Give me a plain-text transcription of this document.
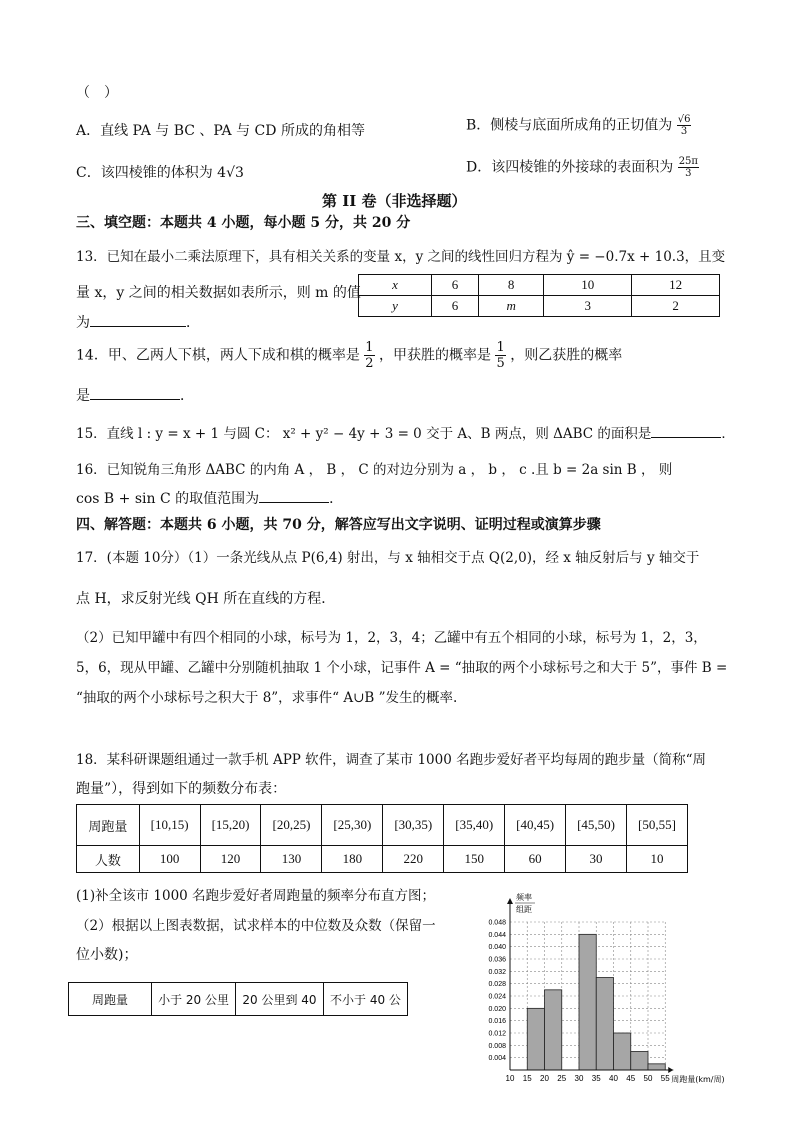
（　）
A．直线 PA 与 BC 、PA 与 CD 所成的角相等	B．侧棱与底面所成角的正切值为 $\frac{√6}{3}$
C．该四棱锥的体积为 4√3	D．该四棱锥的外接球的表面积为 $\frac{25\pi}{3}$
第 II 卷（非选择题）
三、填空题：本题共 4 小题，每小题 5 分，共 20 分
13．已知在最小二乘法原理下，具有相关关系的变量 x，y 之间的线性回归方程为 ŷ = −0.7x + 10.3，且变
量 x，y 之间的相关数据如表所示，则 m 的值
为	．
x	6	8	10	12
y	6	m	3	2
14．甲、乙两人下棋，两人下成和棋的概率是 $\frac{1}{2}$ ，甲获胜的概率是 $\frac{1}{5}$ ，则乙获胜的概率
是	．
15．直线 l : y = x + 1 与圆 C： x² + y² − 4y + 3 = 0 交于 A、B 两点，则 ΔABC 的面积是	．
16．已知锐角三角形 ΔABC 的内角 A ， B ， C 的对边分别为 a ， b ， c .且 b = 2a sin B ， 则
cos B + sin C 的取值范围为	．
四、解答题：本题共 6 小题，共 70 分，解答应写出文字说明、证明过程或演算步骤
17．(本题 10分）（1）一条光线从点 P(6,4) 射出，与 x 轴相交于点 Q(2,0)，经 x 轴反射后与 y 轴交于
点 H，求反射光线 QH 所在直线的方程．
（2）已知甲罐中有四个相同的小球，标号为 1，2，3，4；乙罐中有五个相同的小球，标号为 1，2，3，
5，6，现从甲罐、乙罐中分别随机抽取 1 个小球，记事件 A = “抽取的两个小球标号之和大于 5”，事件 B =
“抽取的两个小球标号之积大于 8”，求事件“ A∪B ”发生的概率.
18．某科研课题组通过一款手机 APP 软件，调查了某市 1000 名跑步爱好者平均每周的跑步量（简称“周
跑量”），得到如下的频数分布表：
周跑量	[10,15)	[15,20)	[20,25)	[25,30)	[30,35)	[35,40)	[40,45)	[45,50)	[50,55]
人数	100	120	130	180	220	150	60	30	10
(1)补全该市 1000 名跑步爱好者周跑量的频率分布直方图；
（2）根据以上图表数据，试求样本的中位数及众数（保留一
位小数)；
周跑量	小于 20 公里	20 公里到 40	不小于 40 公
0.004
0.008
0.012
0.016
0.020
0.024
0.028
0.032
0.036
0.040
0.044
0.048
10 15 20 25 30 35 40 45 50 55
频率
组距
周跑量(km/周)
